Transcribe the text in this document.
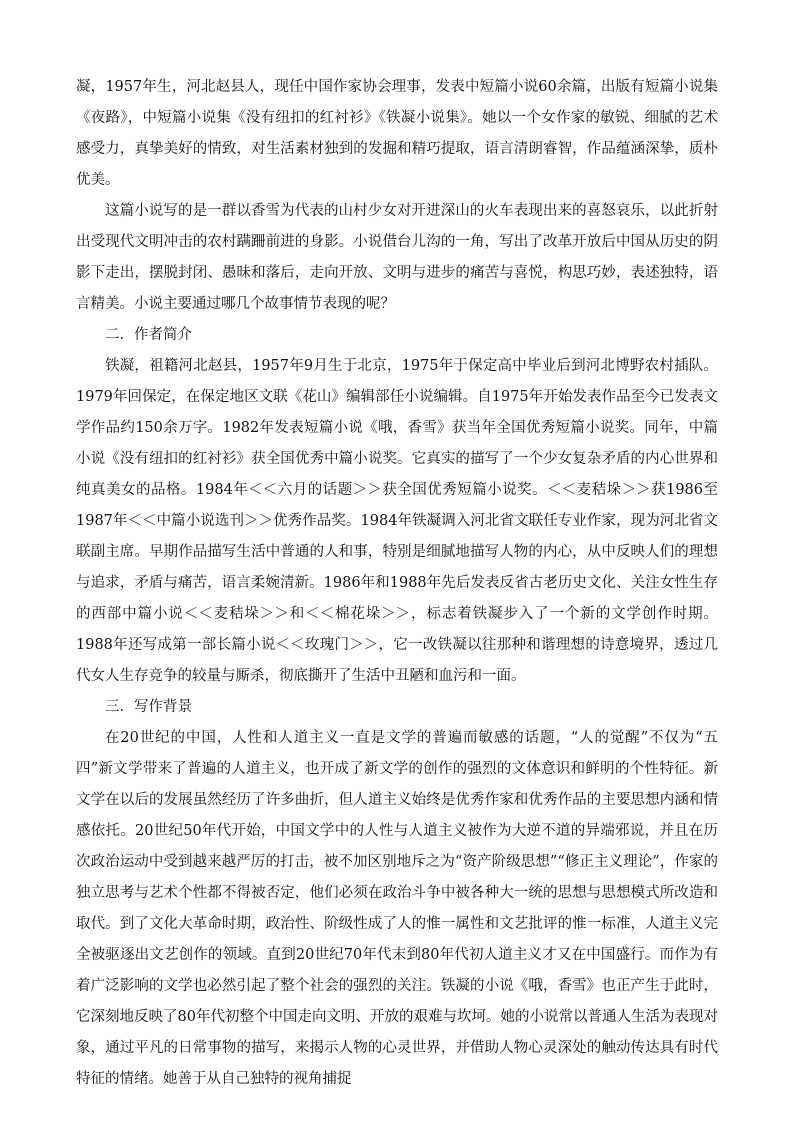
凝，1957年生，河北赵县人，现任中国作家协会理事，发表中短篇小说60余篇，出版有短篇小说集《夜路》，中短篇小说集《没有纽扣的红衬衫》《铁凝小说集》。她以一个女作家的敏锐、细腻的艺术感受力，真挚美好的情致，对生活素材独到的发掘和精巧提取，语言清朗睿智，作品蕴涵深挚，质朴优美。

这篇小说写的是一群以香雪为代表的山村少女对开进深山的火车表现出来的喜怒哀乐，以此折射出受现代文明冲击的农村蹒跚前进的身影。小说借台儿沟的一角，写出了改革开放后中国从历史的阴影下走出，摆脱封闭、愚昧和落后，走向开放、文明与进步的痛苦与喜悦，构思巧妙，表述独特，语言精美。小说主要通过哪几个故事情节表现的呢？

二．作者简介

铁凝，祖籍河北赵县，1957年9月生于北京，1975年于保定高中毕业后到河北博野农村插队。1979年回保定，在保定地区文联《花山》编辑部任小说编辑。自1975年开始发表作品至今已发表文学作品约150余万字。1982年发表短篇小说《哦，香雪》获当年全国优秀短篇小说奖。同年，中篇小说《没有纽扣的红衬衫》获全国优秀中篇小说奖。它真实的描写了一个少女复杂矛盾的内心世界和纯真美女的品格。1984年＜＜六月的话题＞＞获全国优秀短篇小说奖。＜＜麦秸垛＞＞获1986至1987年＜＜中篇小说选刊＞＞优秀作品奖。1984年铁凝调入河北省文联任专业作家，现为河北省文联副主席。早期作品描写生活中普通的人和事，特别是细腻地描写人物的内心，从中反映人们的理想与追求，矛盾与痛苦，语言柔婉清新。1986年和1988年先后发表反省古老历史文化、关注女性生存的西部中篇小说＜＜麦秸垛＞＞和＜＜棉花垛＞＞，标志着铁凝步入了一个新的文学创作时期。1988年还写成第一部长篇小说＜＜玫瑰门＞＞，它一改铁凝以往那种和谐理想的诗意境界，透过几代女人生存竞争的较量与厮杀，彻底撕开了生活中丑陋和血污和一面。

三．写作背景

在20世纪的中国，人性和人道主义一直是文学的普遍而敏感的话题，“人的觉醒”不仅为“五四”新文学带来了普遍的人道主义，也开成了新文学的创作的强烈的文体意识和鲜明的个性特征。新文学在以后的发展虽然经历了许多曲折，但人道主义始终是优秀作家和优秀作品的主要思想内涵和情感依托。20世纪50年代开始，中国文学中的人性与人道主义被作为大逆不道的异端邪说，并且在历次政治运动中受到越来越严厉的打击，被不加区别地斥之为“资产阶级思想”“修正主义理论”，作家的独立思考与艺术个性都不得被否定，他们必须在政治斗争中被各种大一统的思想与思想模式所改造和取代。到了文化大革命时期，政治性、阶级性成了人的惟一属性和文艺批评的惟一标准，人道主义完全被驱逐出文艺创作的领域。直到20世纪70年代末到80年代初人道主义才又在中国盛行。而作为有着广泛影响的文学也必然引起了整个社会的强烈的关注。铁凝的小说《哦，香雪》也正产生于此时，它深刻地反映了80年代初整个中国走向文明、开放的艰难与坎坷。她的小说常以普通人生活为表现对象，通过平凡的日常事物的描写，来揭示人物的心灵世界，并借助人物心灵深处的触动传达具有时代特征的情绪。她善于从自己独特的视角捕捉
